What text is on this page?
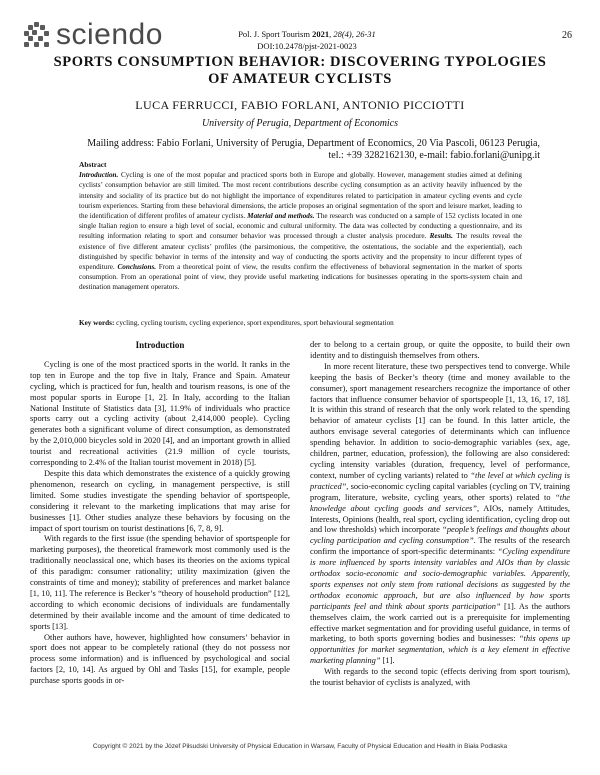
sciendo	Pol. J. Sport Tourism 2021, 28(4), 26-31
DOI:10.2478/pjst-2021-0023
26
SPORTS CONSUMPTION BEHAVIOR: DISCOVERING TYPOLOGIES
OF AMATEUR CYCLISTS
LUCA FERRUCCI, FABIO FORLANI, ANTONIO PICCIOTTI
University of Perugia, Department of Economics
Mailing address: Fabio Forlani, University of Perugia, Department of Economics, 20 Via Pascoli, 06123 Perugia,
tel.: +39 3282162130, e-mail: fabio.forlani@unipg.it
Abstract
Introduction. Cycling is one of the most popular and practiced sports both in Europe and globally. However, management studies aimed at defining cyclists’ consumption behavior are still limited. The most recent contributions describe cycling consumption as an activity heavily influenced by the intensity and sociality of its practice but do not highlight the importance of expenditures related to participation in amateur cycling events and cycle tourism experiences. Starting from these behavioral dimensions, the article proposes an original segmentation of the sport and leisure market, leading to the identification of different profiles of amateur cyclists. Material and methods. The research was conducted on a sample of 152 cyclists located in one single Italian region to ensure a high level of social, economic and cultural uniformity. The data was collected by conducting a questionnaire, and its resulting information relating to sport and consumer behavior was processed through a cluster analysis procedure. Results. The results reveal the existence of five different amateur cyclists’ profiles (the parsimonious, the competitive, the ostentatious, the sociable and the experiential), each distinguished by specific behavior in terms of the intensity and way of conducting the sports activity and the propensity to incur different types of expenditure. Conclusions. From a theoretical point of view, the results confirm the effectiveness of behavioral segmentation in the market of sports consumption. From an operational point of view, they provide useful marketing indications for businesses operating in the sports-system chain and destination management operators.
Key words: cycling, cycling tourism, cycling experience, sport expenditures, sport behavioural segmentation

Introduction

Cycling is one of the most practiced sports in the world. It ranks in the top ten in Europe and the top five in Italy, France and Spain. Amateur cycling, which is practiced for fun, health and tourism reasons, is one of the most popular sports in Europe [1, 2]. In Italy, according to the Italian National Institute of Statistics data [3], 11.9% of individuals who practice sports carry out a cycling activity (about 2,414,000 people). Cycling generates both a significant volume of direct consumption, as demonstrated by the 2,010,000 bicycles sold in 2020 [4], and an important growth in allied tourist and recreational activities (21.9 million of cycle tourists, corresponding to 2.4% of the Italian tourist movement in 2018) [5].

Despite this data which demonstrates the existence of a quickly growing phenomenon, research on cycling, in management perspective, is still limited. Some studies investigate the spending behavior of sportspeople, considering it relevant to the marketing implications that may arise for businesses [1]. Other studies analyze these behaviors by focusing on the impact of sport tourism on tourist destinations [6, 7, 8, 9].

With regards to the first issue (the spending behavior of sportspeople for marketing purposes), the theoretical framework most commonly used is the traditionally neoclassical one, which bases its theories on the axioms typical of this paradigm: consumer rationality; utility maximization (given the constraints of time and money); stability of preferences and market balance [1, 10, 11]. The reference is Becker’s “theory of household production” [12], according to which economic decisions of individuals are fundamentally determined by their available income and the amount of time dedicated to sports [13].

Other authors have, however, highlighted how consumers’ behavior in sport does not appear to be completely rational (they do not possess nor process some information) and is influenced by psychological and social factors [2, 10, 14]. As argued by Ohl and Tasks [15], for example, people purchase sports goods in or-

der to belong to a certain group, or quite the opposite, to build their own identity and to distinguish themselves from others.

In more recent literature, these two perspectives tend to converge. While keeping the basis of Becker’s theory (time and money available to the consumer), sport management researchers recognize the importance of other factors that influence consumer behavior of sportspeople [1, 13, 16, 17, 18]. It is within this strand of research that the only work related to the spending behavior of amateur cyclists [1] can be found. In this latter article, the authors envisage several categories of determinants which can influence spending behavior. In addition to socio-demographic variables (sex, age, children, partner, education, profession), the following are also considered: cycling intensity variables (duration, frequency, level of performance, context, number of cycling variants) related to “the level at which cycling is practiced”, socio-economic cycling capital variables (cycling on TV, training program, literature, website, cycling years, other sports) related to “the knowledge about cycling goods and services”, AIOs, namely Attitudes, Interests, Opinions (health, real sport, cycling identification, cycling drop out and low thresholds) which incorporate “people’s feelings and thoughts about cycling participation and cycling consumption”. The results of the research confirm the importance of sport-specific determinants: “Cycling expenditure is more influenced by sports intensity variables and AIOs than by classic orthodox socio-economic and socio-demographic variables. Apparently, sports expenses not only stem from rational decisions as suggested by the orthodox economic approach, but are also influenced by how sports participants feel and think about sports participation” [1]. As the authors themselves claim, the work carried out is a prerequisite for implementing effective market segmentation and for providing useful guidance, in terms of marketing, to both sports governing bodies and businesses: “this opens up opportunities for market segmentation, which is a key element in effective marketing planning” [1].

With regards to the second topic (effects deriving from sport tourism), the tourist behavior of cyclists is analyzed, with

Copyright © 2021 by the Józef Piłsudski University of Physical Education in Warsaw, Faculty of Physical Education and Health in Biała Podlaska
